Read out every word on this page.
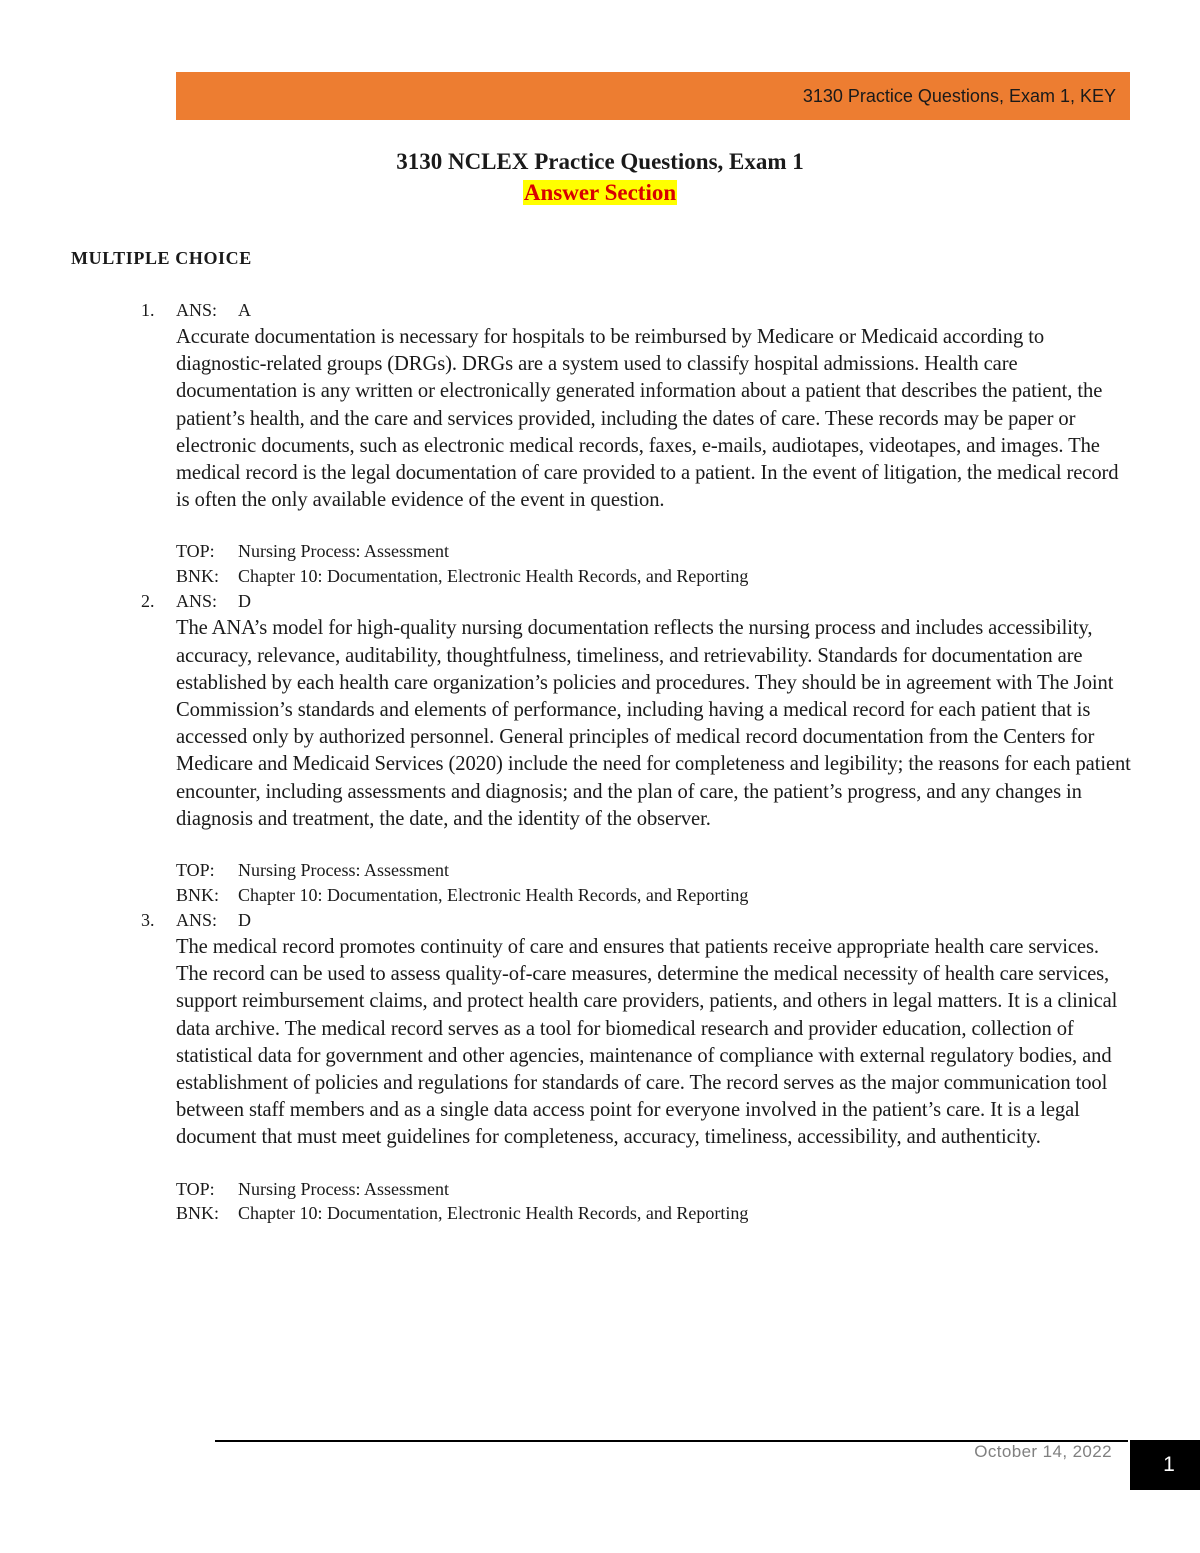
3130 Practice Questions, Exam 1, KEY
3130 NCLEX Practice Questions, Exam 1
Answer Section
MULTIPLE CHOICE
1. ANS: A

Accurate documentation is necessary for hospitals to be reimbursed by Medicare or Medicaid according to diagnostic-related groups (DRGs). DRGs are a system used to classify hospital admissions. Health care documentation is any written or electronically generated information about a patient that describes the patient, the patient’s health, and the care and services provided, including the dates of care. These records may be paper or electronic documents, such as electronic medical records, faxes, e-mails, audiotapes, videotapes, and images. The medical record is the legal documentation of care provided to a patient. In the event of litigation, the medical record is often the only available evidence of the event in question.

TOP: Nursing Process: Assessment
BNK: Chapter 10: Documentation, Electronic Health Records, and Reporting
2. ANS: D

The ANA’s model for high-quality nursing documentation reflects the nursing process and includes accessibility, accuracy, relevance, auditability, thoughtfulness, timeliness, and retrievability. Standards for documentation are established by each health care organization’s policies and procedures. They should be in agreement with The Joint Commission’s standards and elements of performance, including having a medical record for each patient that is accessed only by authorized personnel. General principles of medical record documentation from the Centers for Medicare and Medicaid Services (2020) include the need for completeness and legibility; the reasons for each patient encounter, including assessments and diagnosis; and the plan of care, the patient’s progress, and any changes in diagnosis and treatment, the date, and the identity of the observer.

TOP: Nursing Process: Assessment
BNK: Chapter 10: Documentation, Electronic Health Records, and Reporting
3. ANS: D

The medical record promotes continuity of care and ensures that patients receive appropriate health care services. The record can be used to assess quality-of-care measures, determine the medical necessity of health care services, support reimbursement claims, and protect health care providers, patients, and others in legal matters. It is a clinical data archive. The medical record serves as a tool for biomedical research and provider education, collection of statistical data for government and other agencies, maintenance of compliance with external regulatory bodies, and establishment of policies and regulations for standards of care. The record serves as the major communication tool between staff members and as a single data access point for everyone involved in the patient’s care. It is a legal document that must meet guidelines for completeness, accuracy, timeliness, accessibility, and authenticity.

TOP: Nursing Process: Assessment
BNK: Chapter 10: Documentation, Electronic Health Records, and Reporting
October 14, 2022
1
